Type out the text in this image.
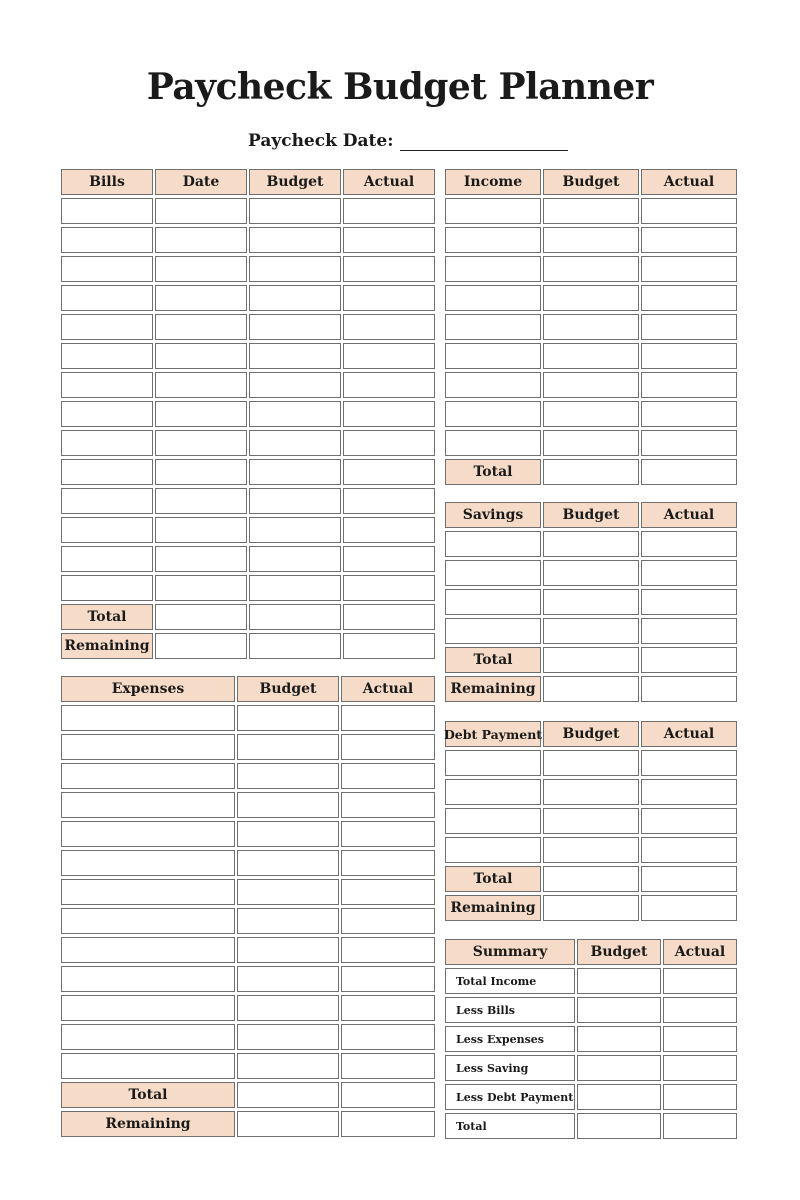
Paycheck Budget Planner
Paycheck Date:
Bills	Date	Budget	Actual
Total
Remaining
Expenses	Budget	Actual
Total
Remaining
Income	Budget	Actual
Total
Savings	Budget	Actual
Total
Remaining
Debt Payment	Budget	Actual
Total
Remaining
Summary	Budget	Actual
Total Income
Less Bills
Less Expenses
Less Saving
Less Debt Payment
Total
